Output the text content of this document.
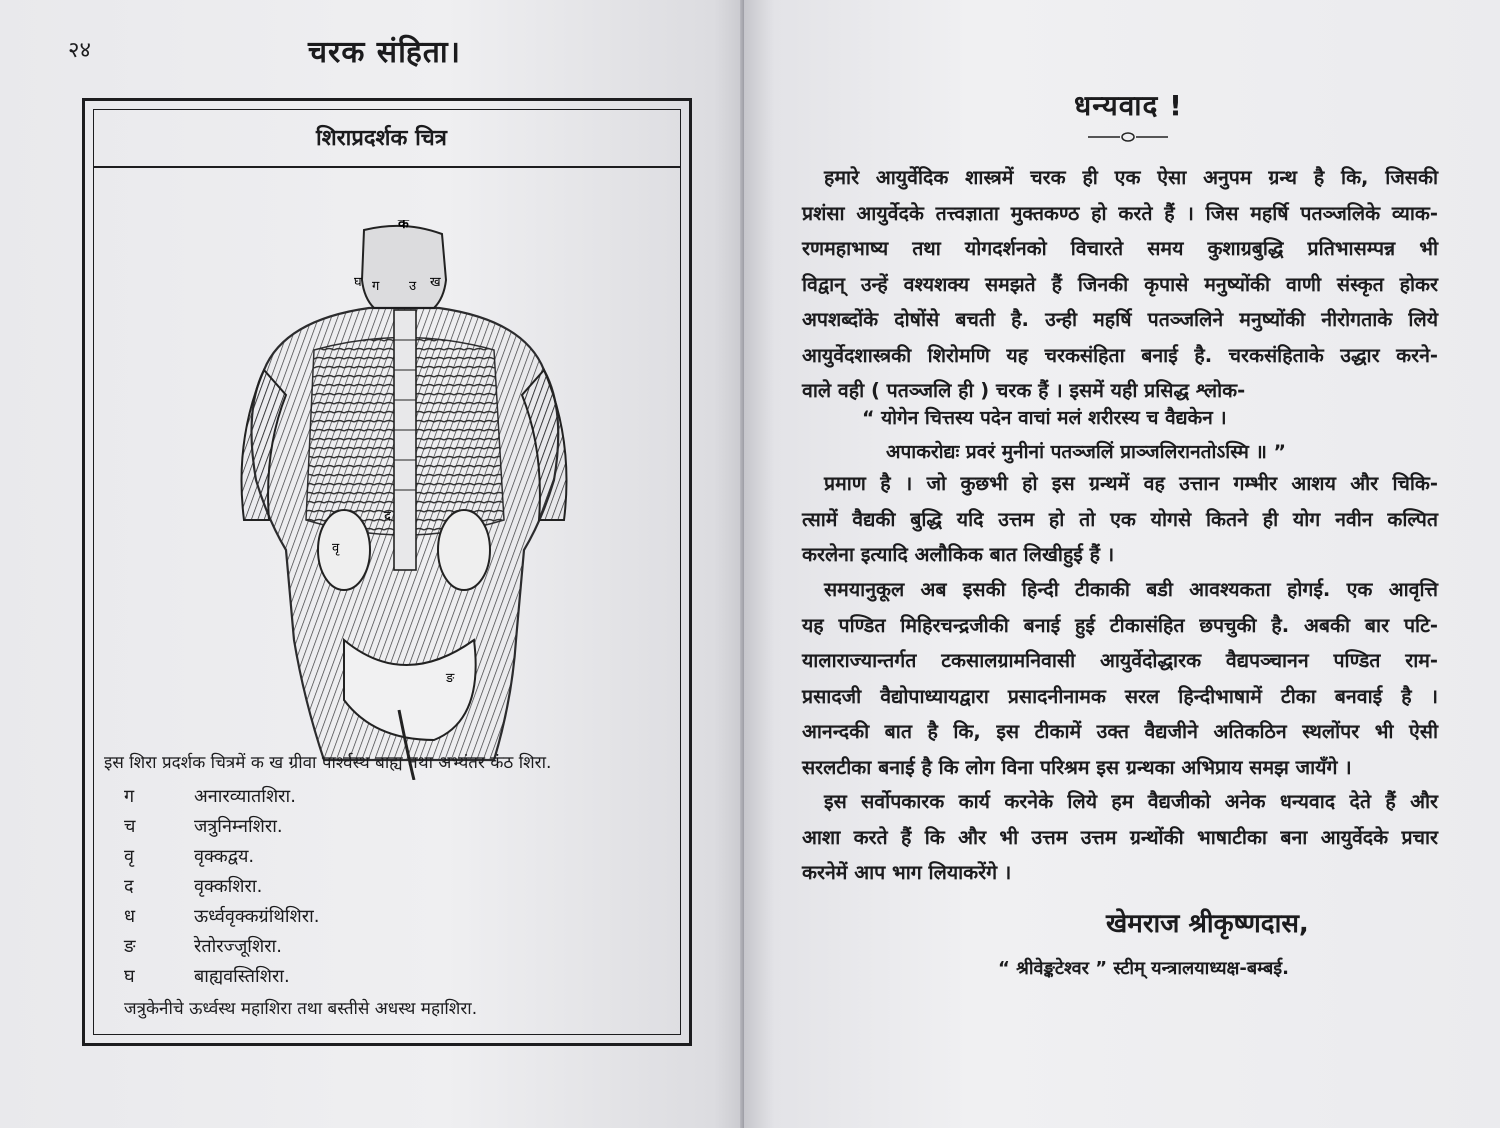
२४	चरक संहिता।
शिराप्रदर्शक चित्र
क
ग उ ख
घ
वृ
द
ङ
इस शिरा प्रदर्शक चित्रमें क ख ग्रीवा पार्श्वस्थ बाह्य तथा अभ्यंतर कंठ शिरा.
ग	अनारव्यातशिरा.
च	जत्रुनिम्नशिरा.
वृ	वृक्कद्वय.
द	वृक्कशिरा.
ध	ऊर्ध्ववृक्कग्रंथिशिरा.
ङ	रेतोरज्जूशिरा.
घ	बाह्यवस्तिशिरा.
जत्रुकेनीचे ऊर्ध्वस्थ महाशिरा तथा बस्तीसे अधस्थ महाशिरा.
धन्यवाद !
हमारे आयुर्वेदिक शास्त्रमें चरक ही एक ऐसा अनुपम ग्रन्थ है कि, जिसकी
प्रशंसा आयुर्वेदके तत्त्वज्ञाता मुक्तकण्ठ हो करते हैं । जिस महर्षि पतञ्जलिके व्याक-
रणमहाभाष्य तथा योगदर्शनको विचारते समय कुशाग्रबुद्धि प्रतिभासम्पन्न भी
विद्वान् उन्हें वश्यशक्य समझते हैं जिनकी कृपासे मनुष्योंकी वाणी संस्कृत होकर
अपशब्दोंके दोषोंसे बचती है. उन्ही महर्षि पतञ्जलिने मनुष्योंकी नीरोगताके लिये
आयुर्वेदशास्त्रकी शिरोमणि यह चरकसंहिता बनाई है. चरकसंहिताके उद्धार करने-
वाले वही ( पतञ्जलि ही ) चरक हैं । इसमें यही प्रसिद्ध श्लोक-
“ योगेन चित्तस्य पदेन वाचां मलं शरीरस्य च वैद्यकेन ।
अपाकरोद्यः प्रवरं मुनीनां पतञ्जलिं प्राञ्जलिरानतोऽस्मि ॥ ”
प्रमाण है । जो कुछभी हो इस ग्रन्थमें वह उत्तान गम्भीर आशय और चिकि-
त्सामें वैद्यकी बुद्धि यदि उत्तम हो तो एक योगसे कितने ही योग नवीन कल्पित
करलेना इत्यादि अलौकिक बात लिखीहुई हैं ।
समयानुकूल अब इसकी हिन्दी टीकाकी बडी आवश्यकता होगई. एक आवृत्ति
यह पण्डित मिहिरचन्द्रजीकी बनाई हुई टीकासंहित छपचुकी है. अबकी बार पटि-
यालाराज्यान्तर्गत टकसालग्रामनिवासी आयुर्वेदोद्धारक वैद्यपञ्चानन पण्डित राम-
प्रसादजी वैद्योपाध्यायद्वारा प्रसादनीनामक सरल हिन्दीभाषामें टीका बनवाई है ।
आनन्दकी बात है कि, इस टीकामें उक्त वैद्यजीने अतिकठिन स्थलोंपर भी ऐसी
सरलटीका बनाई है कि लोग विना परिश्रम इस ग्रन्थका अभिप्राय समझ जायँगे ।
इस सर्वोपकारक कार्य करनेके लिये हम वैद्यजीको अनेक धन्यवाद देते हैं और
आशा करते हैं कि और भी उत्तम उत्तम ग्रन्थोंकी भाषाटीका बना आयुर्वेदके प्रचार
करनेमें आप भाग लियाकरेंगे ।
खेमराज श्रीकृष्णदास,
“ श्रीवेङ्कटेश्वर ” स्टीम् यन्त्रालयाध्यक्ष-बम्बई.
